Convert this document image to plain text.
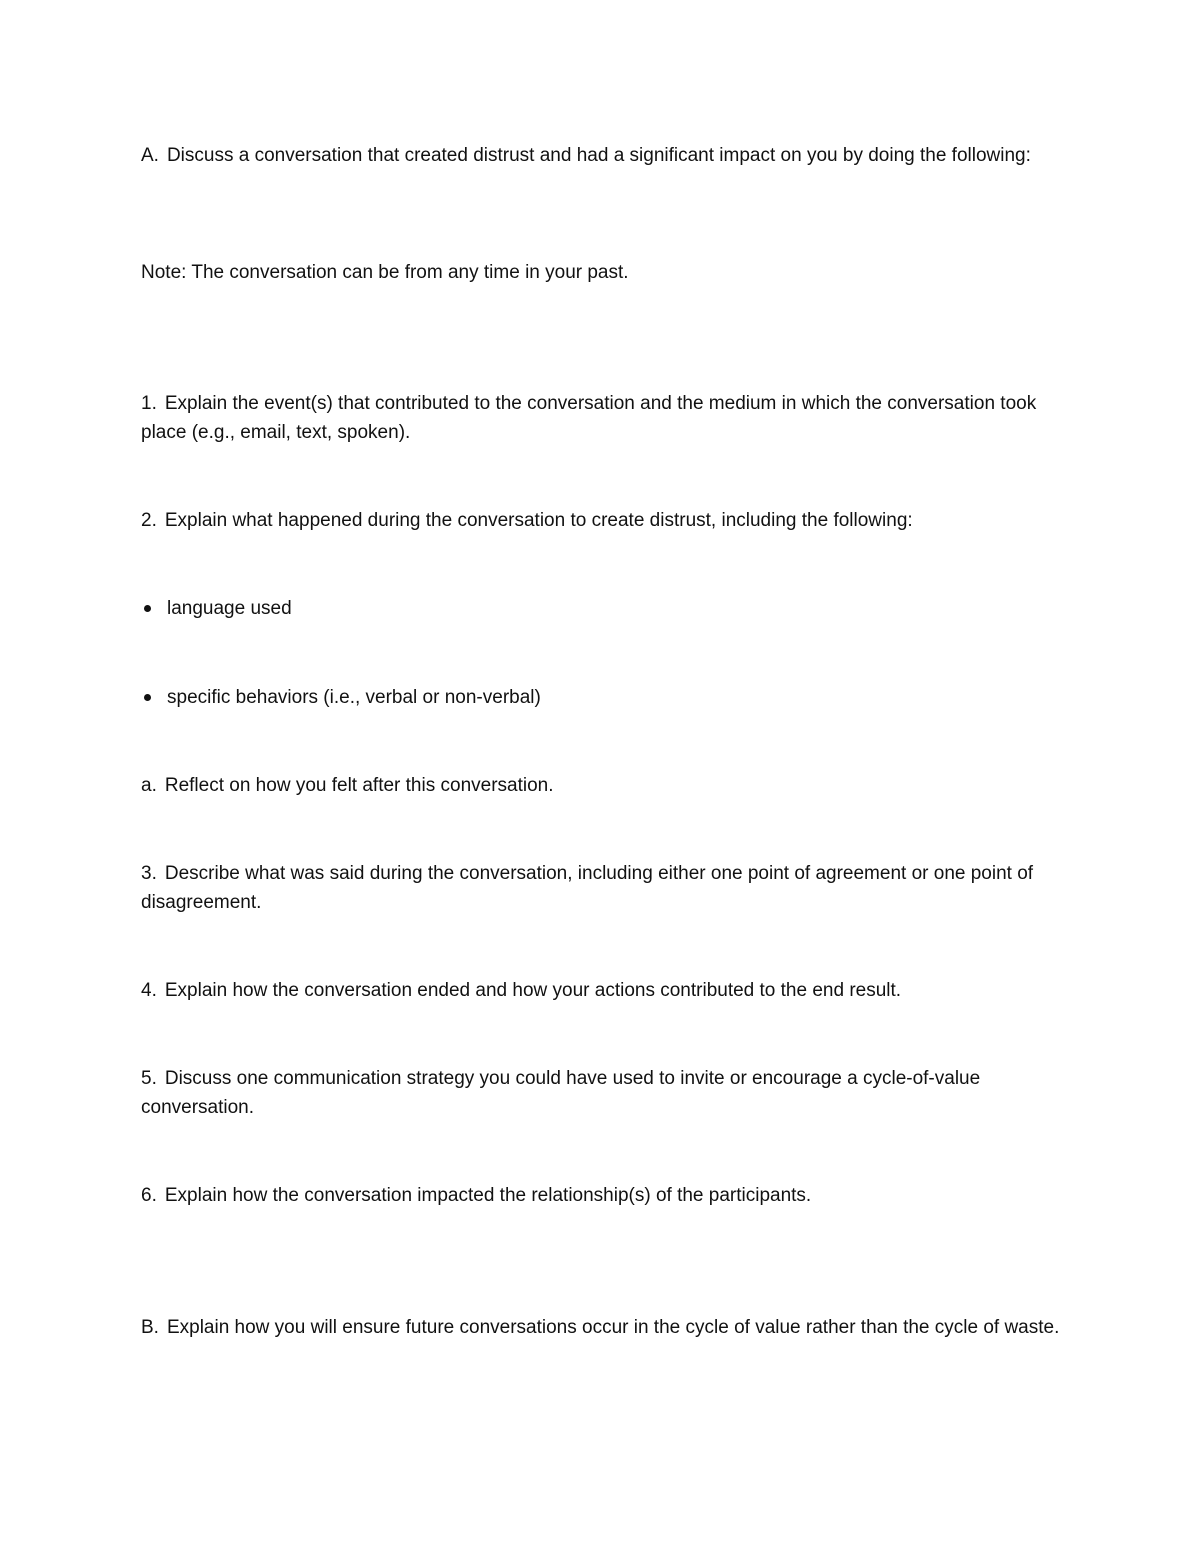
A. Discuss a conversation that created distrust and had a significant impact on you by doing the following:

Note: The conversation can be from any time in your past.

1. Explain the event(s) that contributed to the conversation and the medium in which the conversation took place (e.g., email, text, spoken).

2. Explain what happened during the conversation to create distrust, including the following:

language used
specific behaviors (i.e., verbal or non-verbal)

a. Reflect on how you felt after this conversation.

3. Describe what was said during the conversation, including either one point of agreement or one point of disagreement.

4. Explain how the conversation ended and how your actions contributed to the end result.

5. Discuss one communication strategy you could have used to invite or encourage a cycle-of-value conversation.

6. Explain how the conversation impacted the relationship(s) of the participants.

B. Explain how you will ensure future conversations occur in the cycle of value rather than the cycle of waste.
